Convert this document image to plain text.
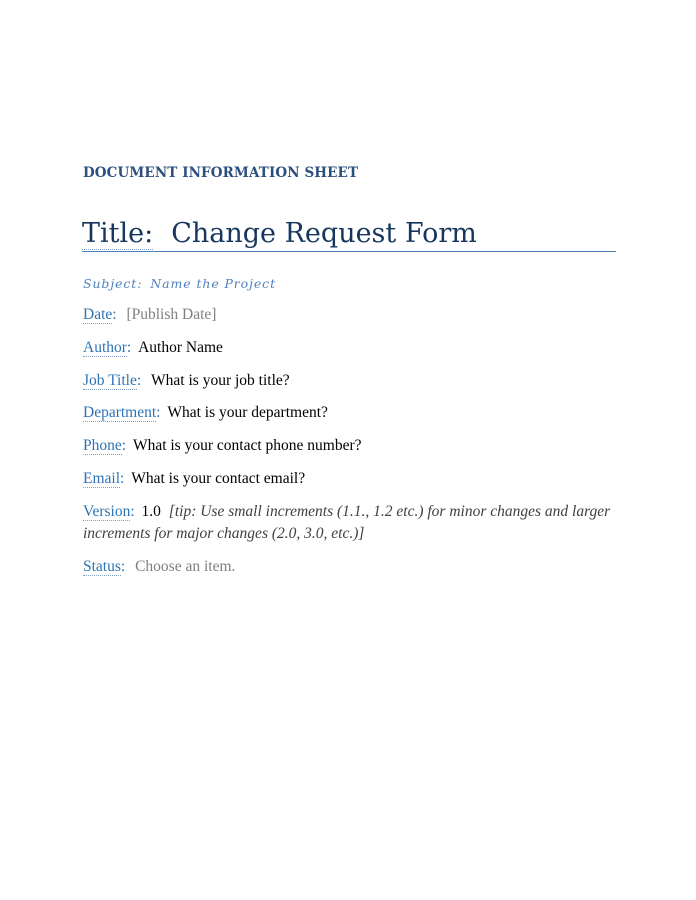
DOCUMENT INFORMATION SHEET
Title: Change Request Form
Subject: Name the Project
Date: [Publish Date]
Author: Author Name
Job Title: What is your job title?
Department: What is your department?
Phone: What is your contact phone number?
Email: What is your contact email?
Version: 1.0 [tip: Use small increments (1.1., 1.2 etc.) for minor changes and larger increments for major changes (2.0, 3.0, etc.)]
Status: Choose an item.
